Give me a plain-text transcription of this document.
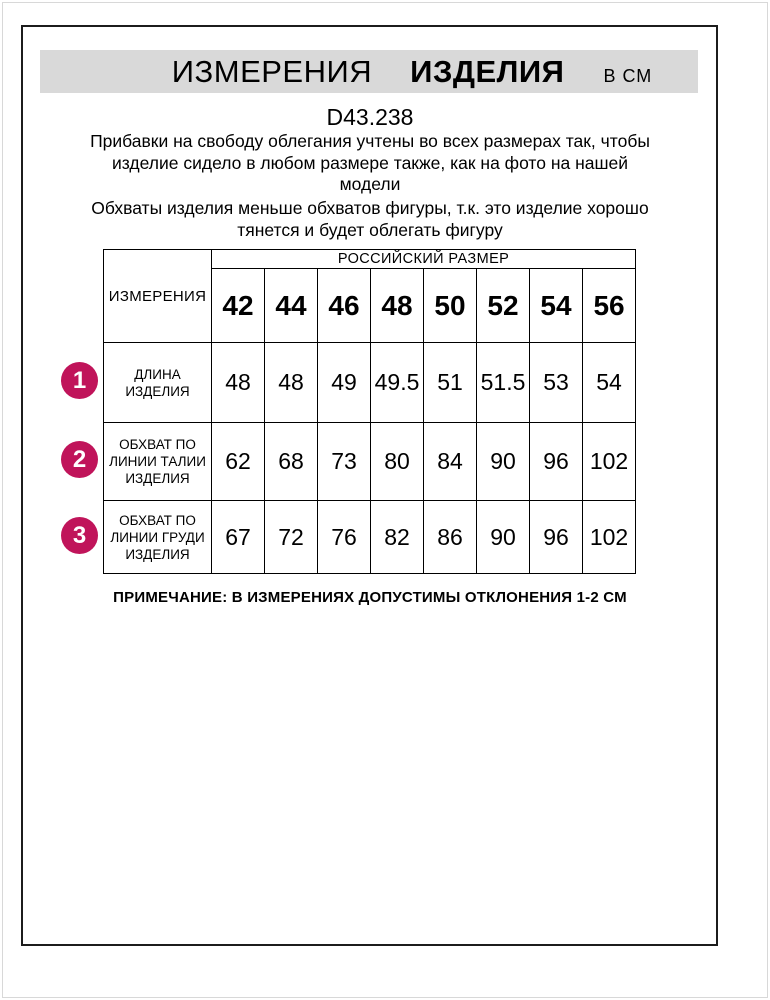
ИЗМЕРЕНИЯ ИЗДЕЛИЯ В СМ
D43.238
Прибавки на свободу облегания учтены во всех размерах так, чтобы
изделие сидело в любом размере также, как на фото на нашей
модели
Обхваты изделия меньше обхватов фигуры, т.к. это изделие хорошо
тянется и будет облегать фигуру
ИЗМЕРЕНИЯ	РОССИЙСКИЙ РАЗМЕР							
	42	44	46	48	50	52	54	56
ДЛИНА
ИЗДЕЛИЯ	48	48	49	49.5	51	51.5	53	54
ОБХВАТ ПО
ЛИНИИ ТАЛИИ
ИЗДЕЛИЯ	62	68	73	80	84	90	96	102
ОБХВАТ ПО
ЛИНИИ ГРУДИ
ИЗДЕЛИЯ	67	72	76	82	86	90	96	102
1
2
3
ПРИМЕЧАНИЕ: В ИЗМЕРЕНИЯХ ДОПУСТИМЫ ОТКЛОНЕНИЯ 1-2 СМ
